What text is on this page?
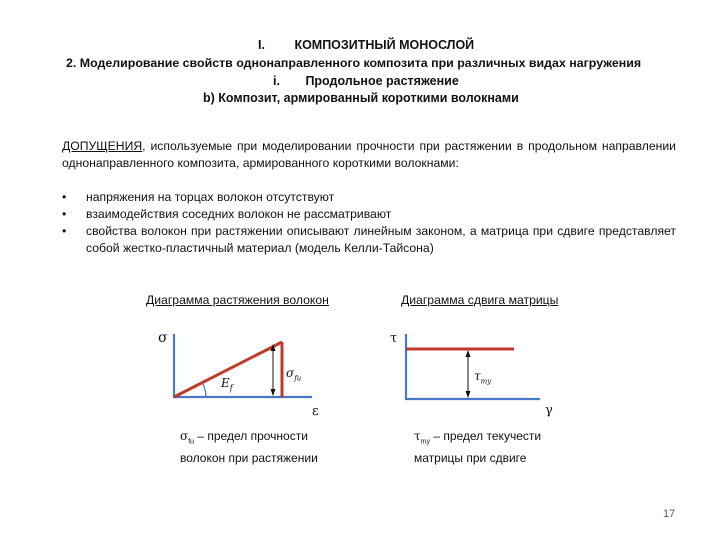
I. КОМПОЗИТНЫЙ МОНОСЛОЙ
2. Моделирование свойств однонаправленного композита при различных видах нагружения
i. Продольное растяжение
b) Композит, армированный короткими волокнами
ДОПУЩЕНИЯ, используемые при моделировании прочности при растяжении в продольном направлении однонаправленного композита, армированного короткими волокнами:
• напряжения на торцах волокон отсутствуют
• взаимодействия соседних волокон не рассматривают
• свойства волокон при растяжении описывают линейным законом, а матрица при сдвиге представляет собой жестко-пластичный материал (модель Келли-Тайсона)
Диаграмма растяжения волокон
σ
$\sigma_{fu}$
$E_f$
ε
$\sigma_{fu}$ – предел прочности
волокон при растяжении
Диаграмма сдвига матрицы
τ
$\tau_{my}$
γ
$\tau_{my}$ – предел текучести
матрицы при сдвиге
17
